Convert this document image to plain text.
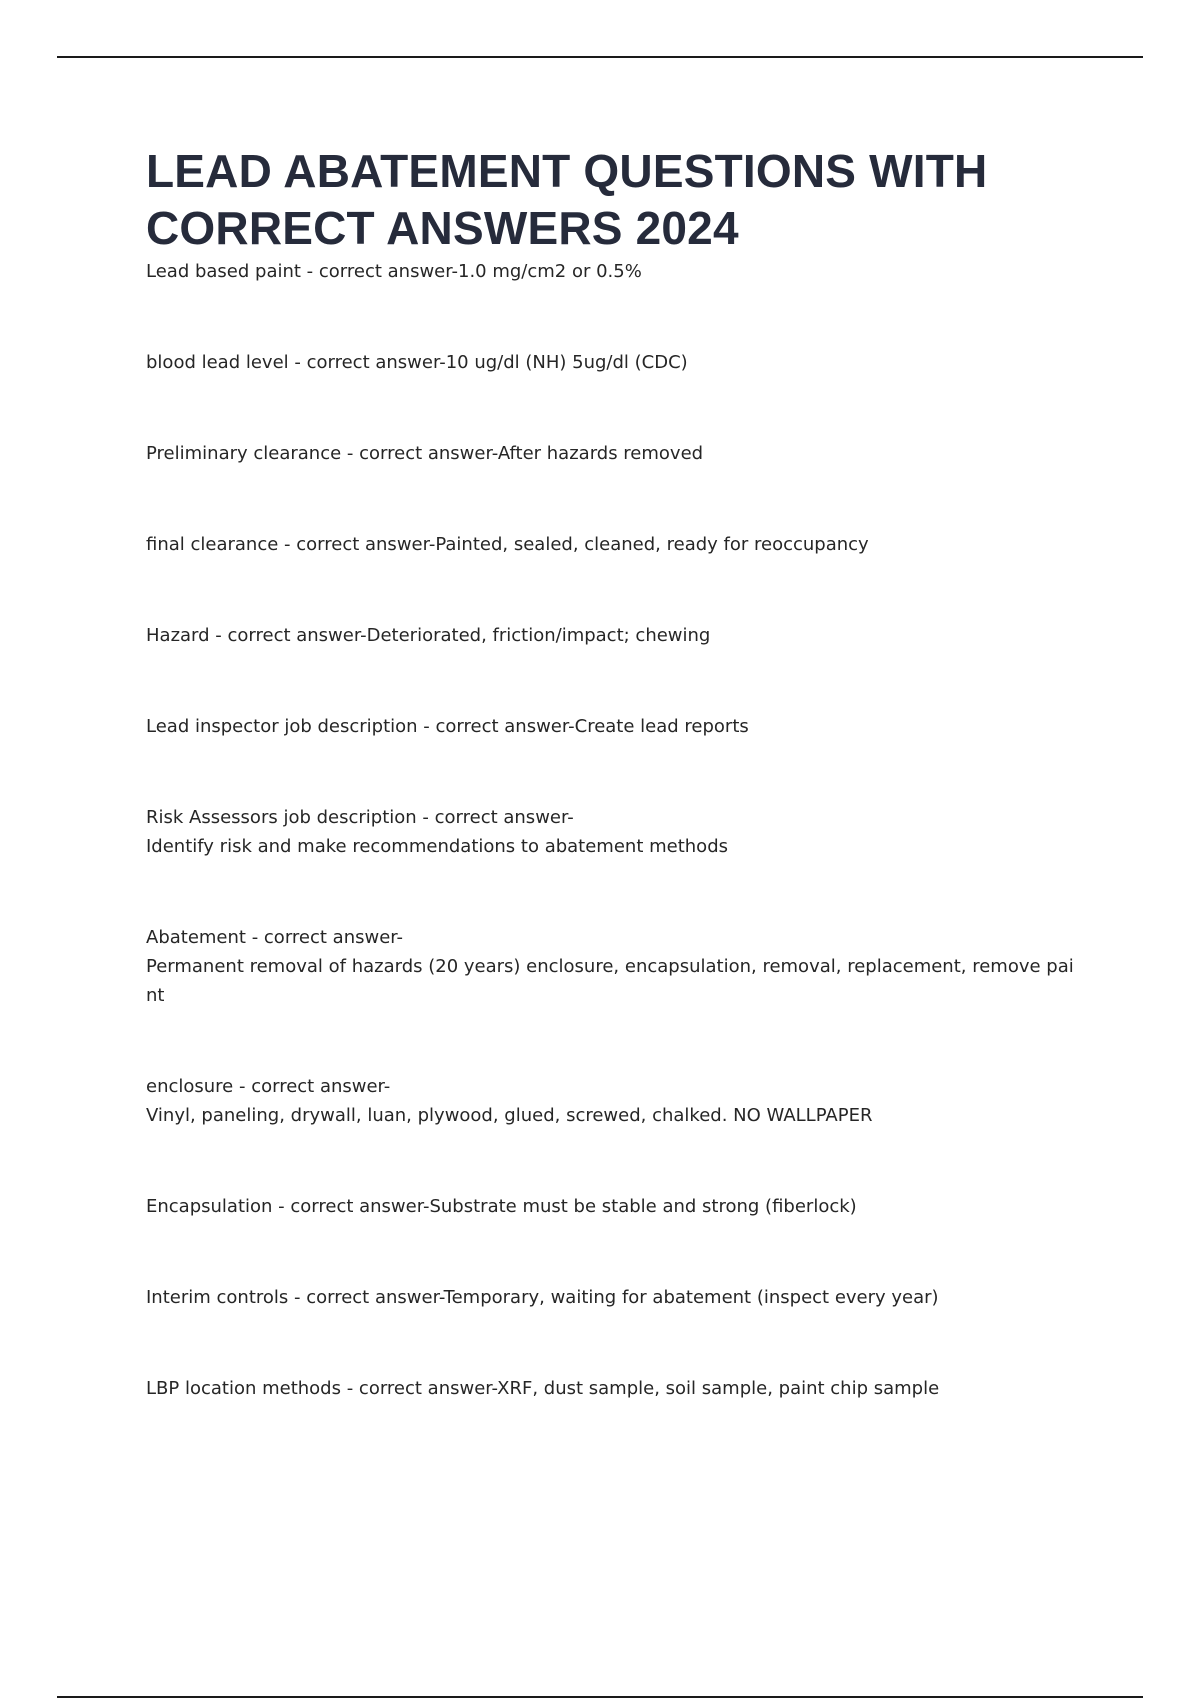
LEAD ABATEMENT QUESTIONS WITH CORRECT ANSWERS 2024
Lead based paint - correct answer-1.0 mg/cm2 or 0.5%
blood lead level - correct answer-10 ug/dl (NH) 5ug/dl (CDC)
Preliminary clearance - correct answer-After hazards removed
final clearance - correct answer-Painted, sealed, cleaned, ready for reoccupancy
Hazard - correct answer-Deteriorated, friction/impact; chewing
Lead inspector job description - correct answer-Create lead reports
Risk Assessors job description - correct answer-
Identify risk and make recommendations to abatement methods
Abatement - correct answer-
Permanent removal of hazards (20 years) enclosure, encapsulation, removal, replacement, remove pai
nt
enclosure - correct answer-
Vinyl, paneling, drywall, luan, plywood, glued, screwed, chalked. NO WALLPAPER
Encapsulation - correct answer-Substrate must be stable and strong (fiberlock)
Interim controls - correct answer-Temporary, waiting for abatement (inspect every year)
LBP location methods - correct answer-XRF, dust sample, soil sample, paint chip sample
